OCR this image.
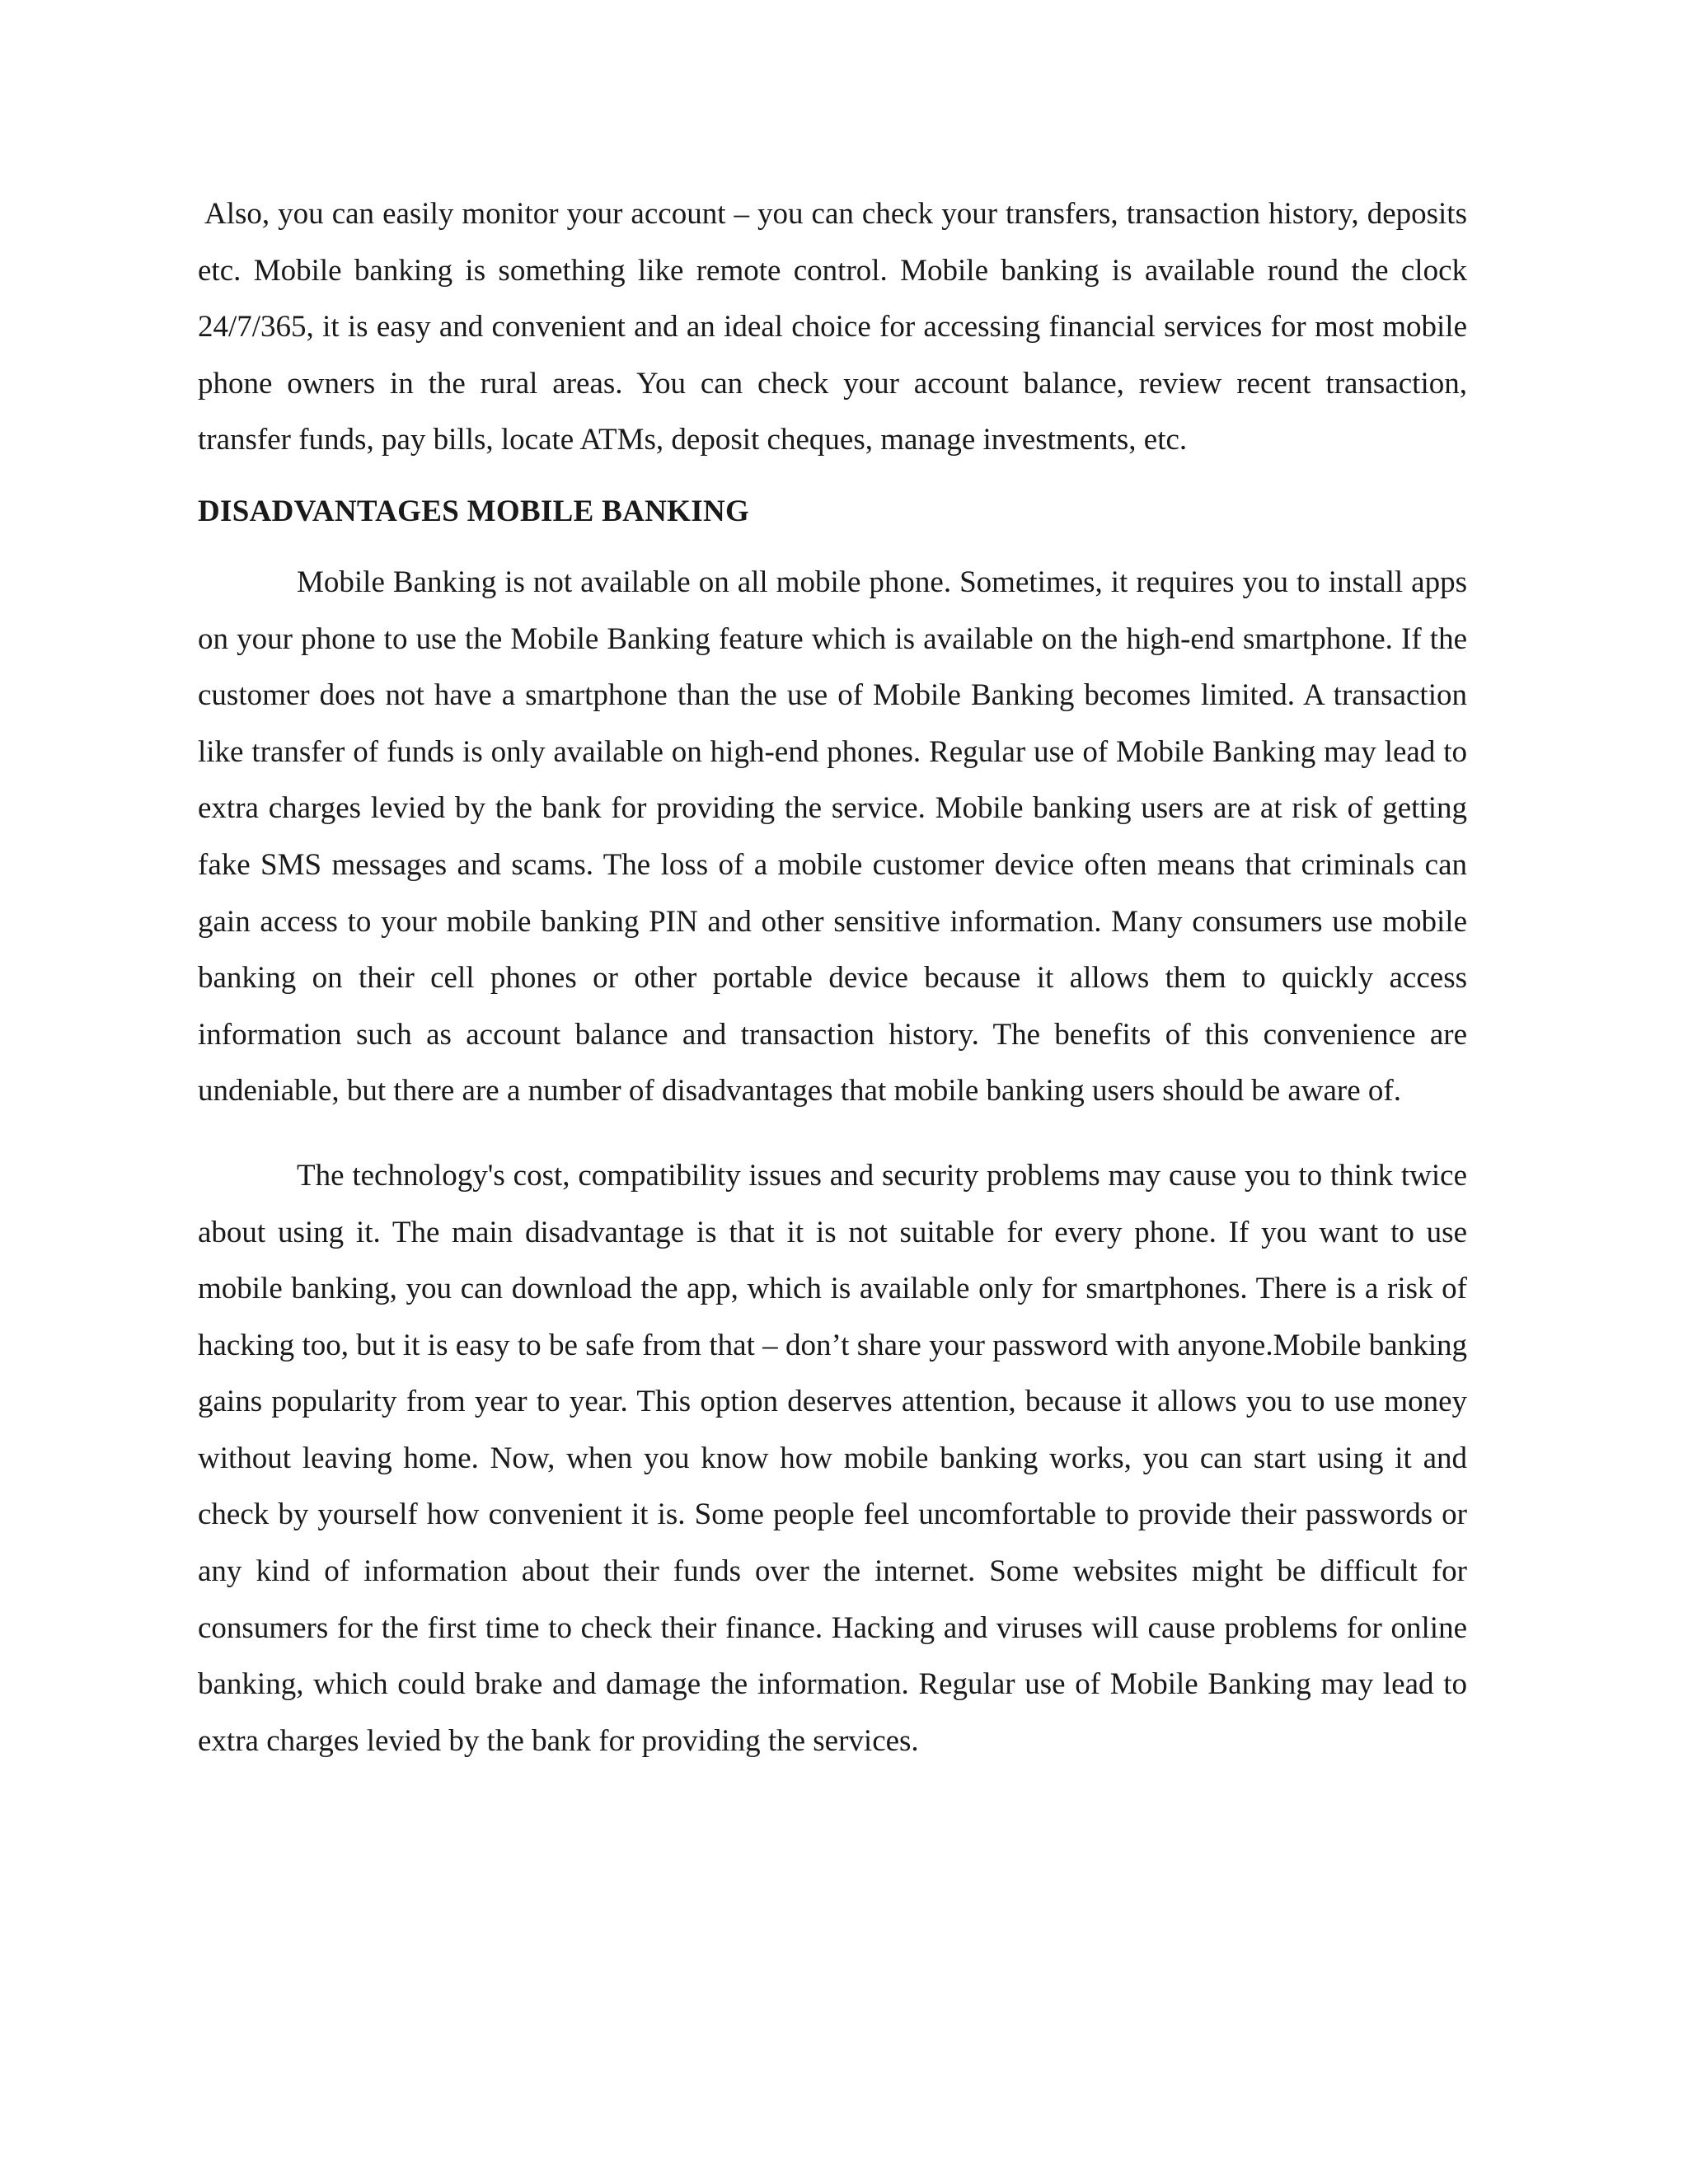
Also, you can easily monitor your account – you can check your transfers, transaction history, deposits etc. Mobile banking is something like remote control. Mobile banking is available round the clock 24/7/365, it is easy and convenient and an ideal choice for accessing financial services for most mobile phone owners in the rural areas. You can check your account balance, review recent transaction, transfer funds, pay bills, locate ATMs, deposit cheques, manage investments, etc.

DISADVANTAGES MOBILE BANKING

Mobile Banking is not available on all mobile phone. Sometimes, it requires you to install apps on your phone to use the Mobile Banking feature which is available on the high-end smartphone. If the customer does not have a smartphone than the use of Mobile Banking becomes limited. A transaction like transfer of funds is only available on high-end phones. Regular use of Mobile Banking may lead to extra charges levied by the bank for providing the service. Mobile banking users are at risk of getting fake SMS messages and scams. The loss of a mobile customer device often means that criminals can gain access to your mobile banking PIN and other sensitive information. Many consumers use mobile banking on their cell phones or other portable device because it allows them to quickly access information such as account balance and transaction history. The benefits of this convenience are undeniable, but there are a number of disadvantages that mobile banking users should be aware of.

The technology's cost, compatibility issues and security problems may cause you to think twice about using it. The main disadvantage is that it is not suitable for every phone. If you want to use mobile banking, you can download the app, which is available only for smartphones. There is a risk of hacking too, but it is easy to be safe from that – don’t share your password with anyone.Mobile banking gains popularity from year to year. This option deserves attention, because it allows you to use money without leaving home. Now, when you know how mobile banking works, you can start using it and check by yourself how convenient it is. Some people feel uncomfortable to provide their passwords or any kind of information about their funds over the internet. Some websites might be difficult for consumers for the first time to check their finance. Hacking and viruses will cause problems for online banking, which could brake and damage the information. Regular use of Mobile Banking may lead to extra charges levied by the bank for providing the services.
